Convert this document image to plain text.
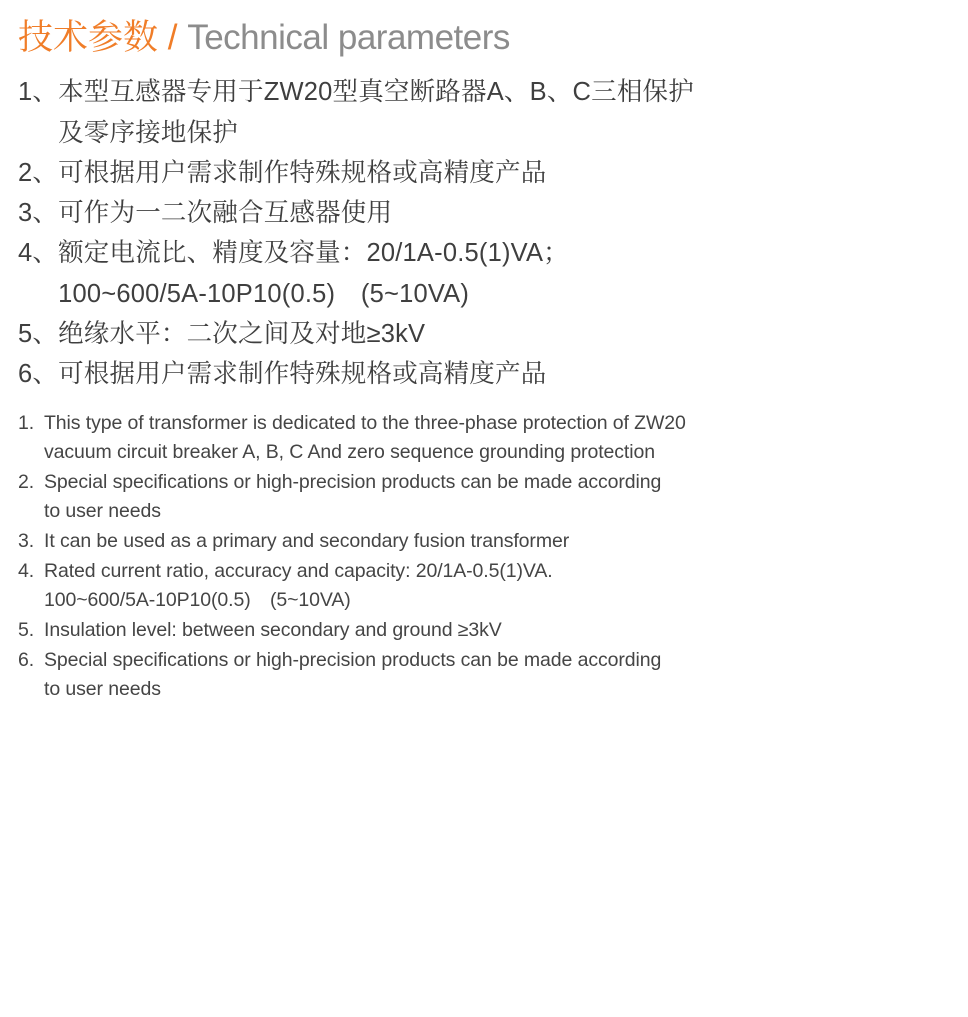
技术参数 / Technical parameters
1、 本型互感器专用于ZW20型真空断路器A、B、C三相保护
及零序接地保护
2、 可根据用户需求制作特殊规格或高精度产品
3、 可作为一二次融合互感器使用
4、 额定电流比、精度及容量：20/1A-0.5(1)VA；
100~600/5A-10P10(0.5)　(5~10VA)
5、 绝缘水平：二次之间及对地≥3kV
6、 可根据用户需求制作特殊规格或高精度产品
1. This type of transformer is dedicated to the three-phase protection of ZW20
vacuum circuit breaker A, B, C And zero sequence grounding protection
2. Special specifications or high-precision products can be made according
to user needs
3. It can be used as a primary and secondary fusion transformer
4. Rated current ratio, accuracy and capacity: 20/1A-0.5(1)VA.
100~600/5A-10P10(0.5)　(5~10VA)
5. Insulation level: between secondary and ground ≥3kV
6. Special specifications or high-precision products can be made according
to user needs
